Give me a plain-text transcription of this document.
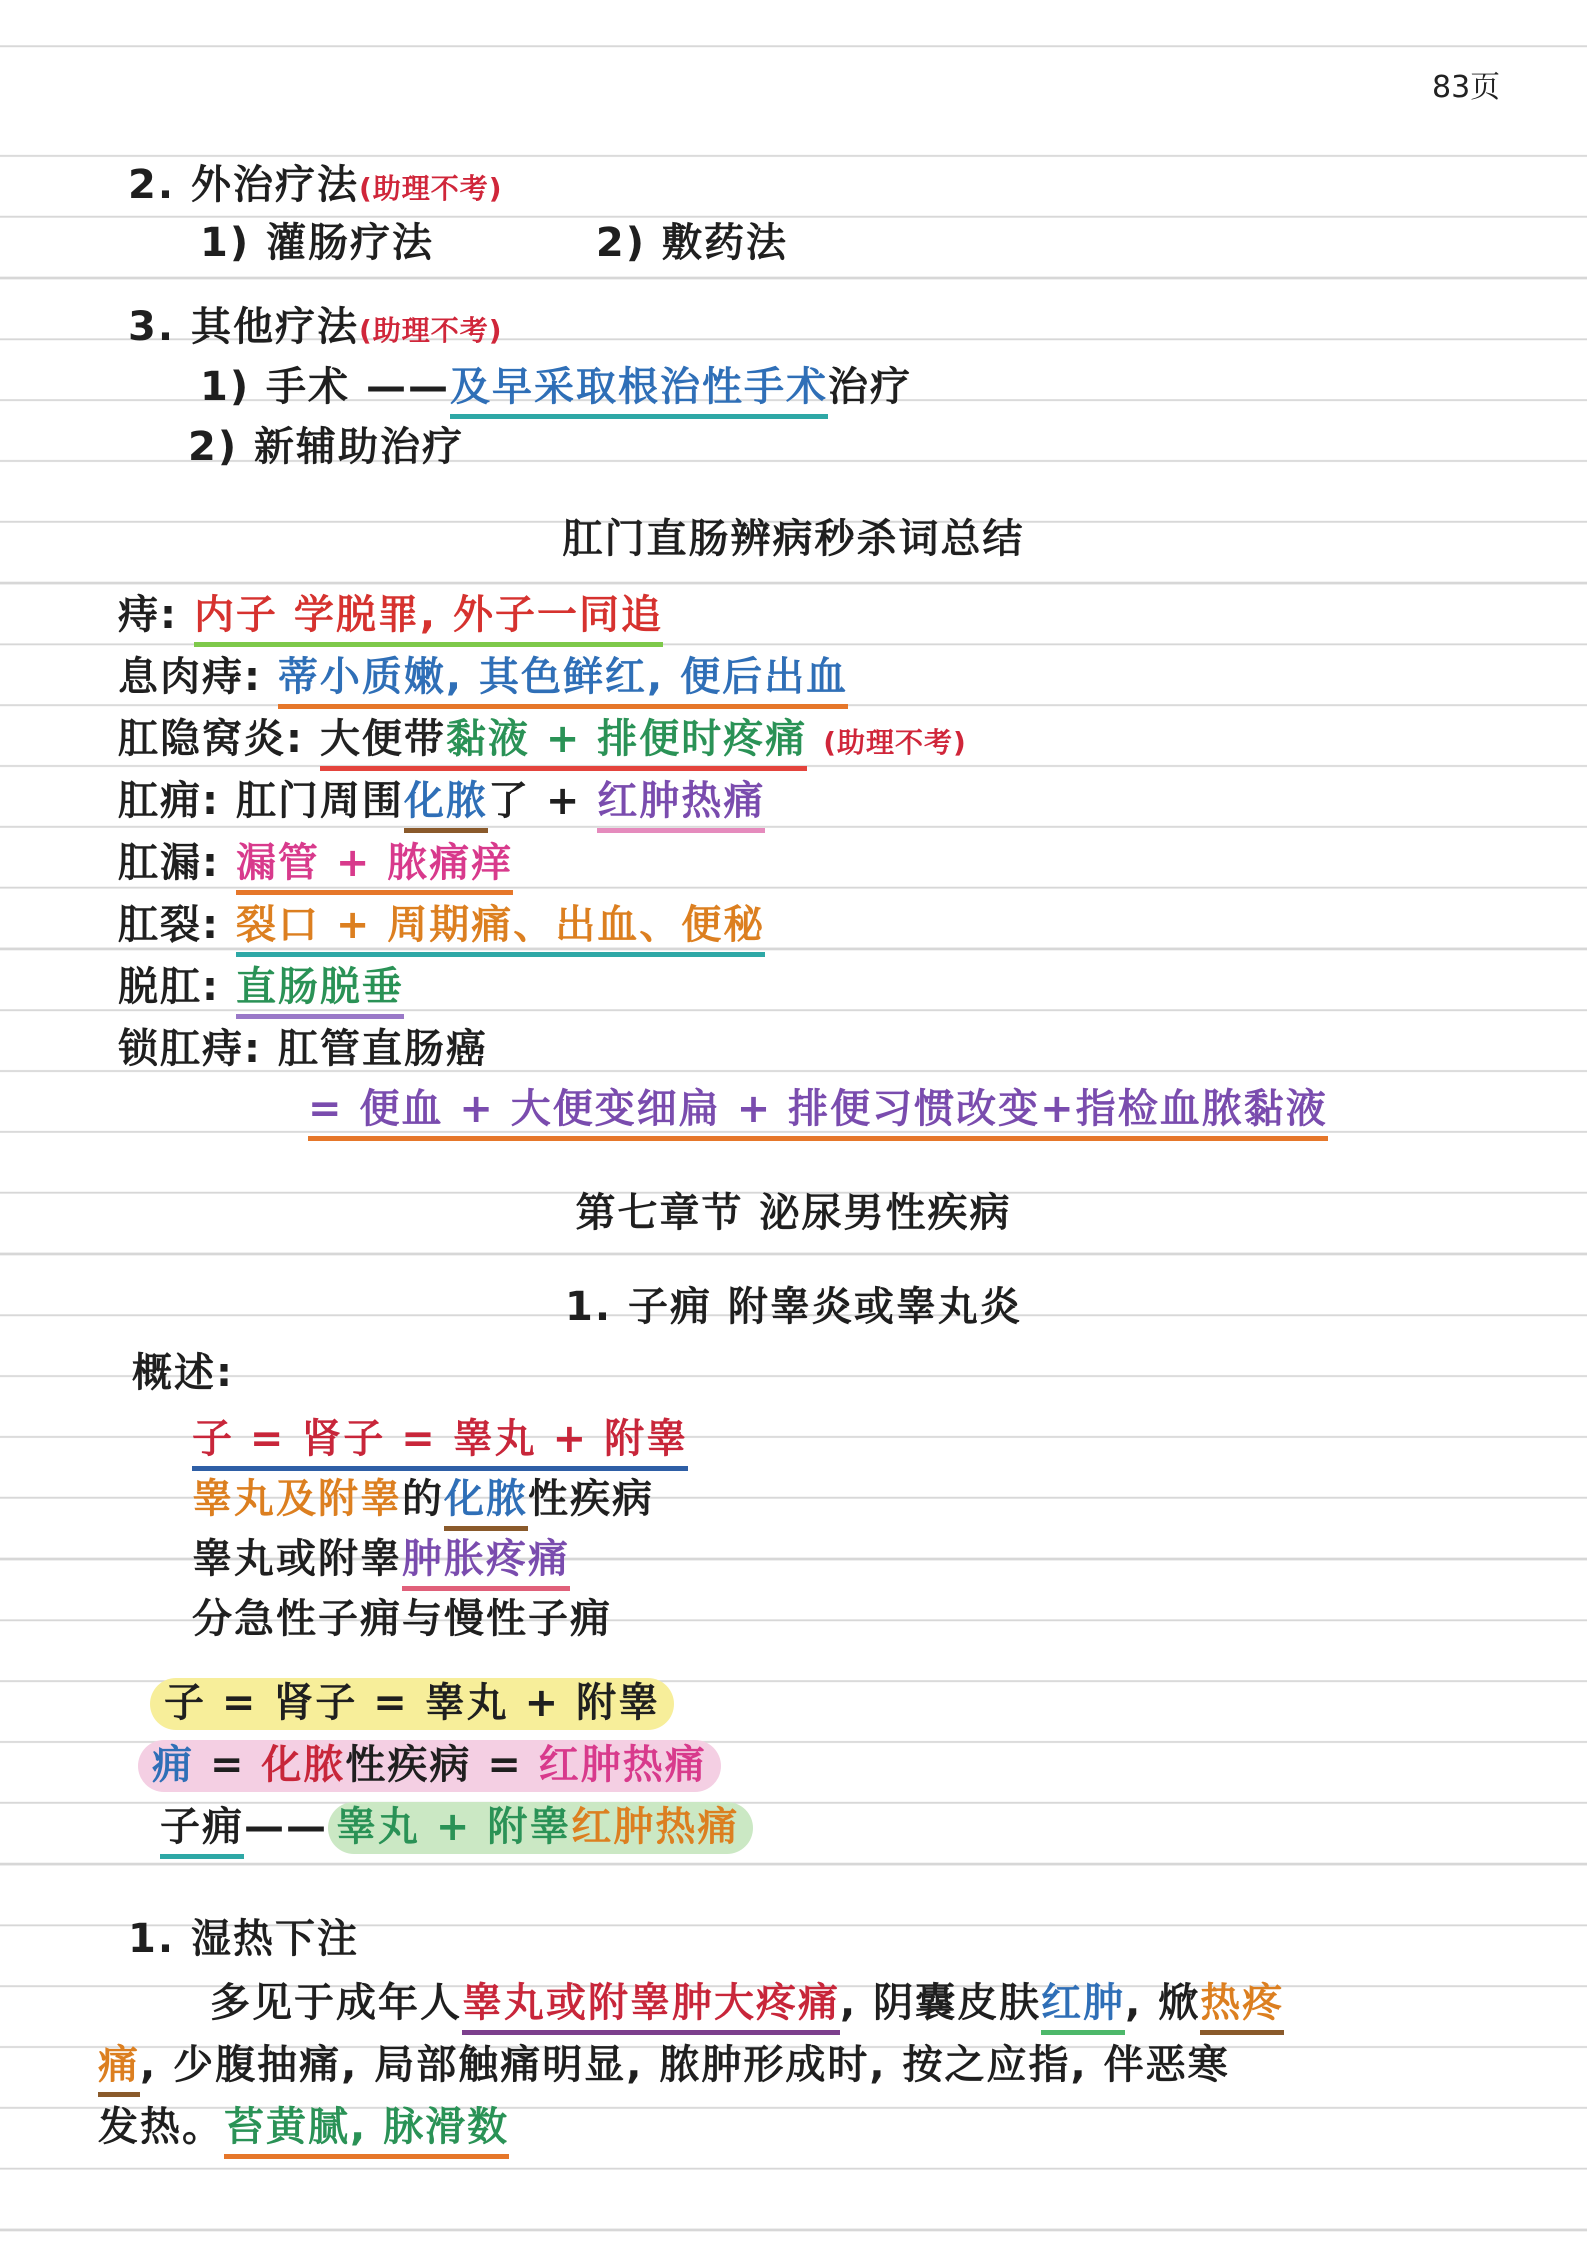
83页
2. 外治疗法(助理不考)
1) 灌肠疗法	2) 敷药法
3. 其他疗法(助理不考)
1) 手术 ——及早采取根治性手术治疗
2) 新辅助治疗
肛门直肠辨病秒杀词总结
痔: 内子 学脱罪, 外子一同追
息肉痔: 蒂小质嫩, 其色鲜红, 便后出血
肛隐窝炎: 大便带黏液 + 排便时疼痛 (助理不考)
肛痈: 肛门周围化脓了 + 红肿热痛
肛漏: 漏管 + 脓痛痒
肛裂: 裂口 + 周期痛、出血、便秘
脱肛: 直肠脱垂
锁肛痔: 肛管直肠癌
= 便血 + 大便变细扁 + 排便习惯改变+指检血脓黏液
第七章节 泌尿男性疾病
1. 子痈 附睾炎或睾丸炎
概述:
子 = 肾子 = 睾丸 + 附睾
睾丸及附睾的化脓性疾病
睾丸或附睾肿胀疼痛
分急性子痈与慢性子痈
子 = 肾子 = 睾丸 + 附睾
痈 = 化脓性疾病 = 红肿热痛
子痈—— 睾丸 + 附睾红肿热痛
1. 湿热下注
多见于成年人睾丸或附睾肿大疼痛, 阴囊皮肤红肿, 焮热疼
痛, 少腹抽痛, 局部触痛明显, 脓肿形成时, 按之应指, 伴恶寒
发热。苔黄腻, 脉滑数
